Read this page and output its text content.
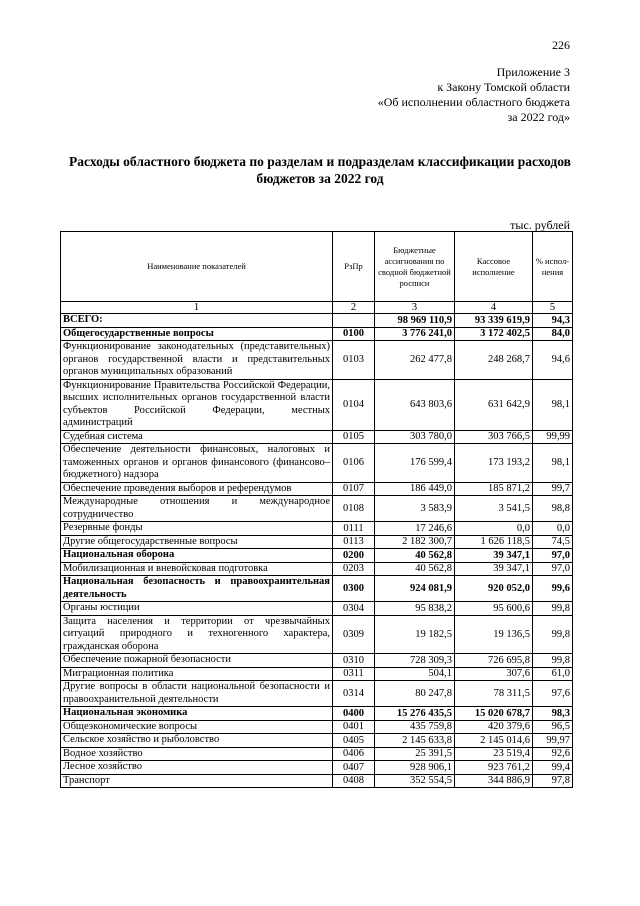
226
Приложение 3
к Закону Томской области
«Об исполнении областного бюджета
за 2022 год»
Расходы областного бюджета по разделам и подразделам классификации расходов бюджетов за 2022 год
тыс. рублей
Наименование показателей	РзПр	Бюджетные ассигнования по сводной бюджетной росписи	Кассовое исполнение	% испол-нения
1	2	3	4	5
ВСЕГО:		98 969 110,9	93 339 619,9	94,3
Общегосударственные вопросы	0100	3 776 241,0	3 172 402,5	84,0
Функционирование законодательных (представительных) органов государственной власти и представительных органов муниципальных образований	0103	262 477,8	248 268,7	94,6
Функционирование Правительства Российской Федерации, высших исполнительных органов государственной власти субъектов Российской Федерации, местных администраций	0104	643 803,6	631 642,9	98,1
Судебная система	0105	303 780,0	303 766,5	99,99
Обеспечение деятельности финансовых, налоговых и таможенных органов и органов финансового (финансово–бюджетного) надзора	0106	176 599,4	173 193,2	98,1
Обеспечение проведения выборов и референдумов	0107	186 449,0	185 871,2	99,7
Международные отношения и международное сотрудничество	0108	3 583,9	3 541,5	98,8
Резервные фонды	0111	17 246,6	0,0	0,0
Другие общегосударственные вопросы	0113	2 182 300,7	1 626 118,5	74,5
Национальная оборона	0200	40 562,8	39 347,1	97,0
Мобилизационная и вневойсковая подготовка	0203	40 562,8	39 347,1	97,0
Национальная безопасность и правоохранительная деятельность	0300	924 081,9	920 052,0	99,6
Органы юстиции	0304	95 838,2	95 600,6	99,8
Защита населения и территории от чрезвычайных ситуаций природного и техногенного характера, гражданская оборона	0309	19 182,5	19 136,5	99,8
Обеспечение пожарной безопасности	0310	728 309,3	726 695,8	99,8
Миграционная политика	0311	504,1	307,6	61,0
Другие вопросы в области национальной безопасности и правоохранительной деятельности	0314	80 247,8	78 311,5	97,6
Национальная экономика	0400	15 276 435,5	15 020 678,7	98,3
Общеэкономические вопросы	0401	435 759,8	420 379,6	96,5
Сельское хозяйство и рыболовство	0405	2 145 633,8	2 145 014,6	99,97
Водное хозяйство	0406	25 391,5	23 519,4	92,6
Лесное хозяйство	0407	928 906,1	923 761,2	99,4
Транспорт	0408	352 554,5	344 886,9	97,8
